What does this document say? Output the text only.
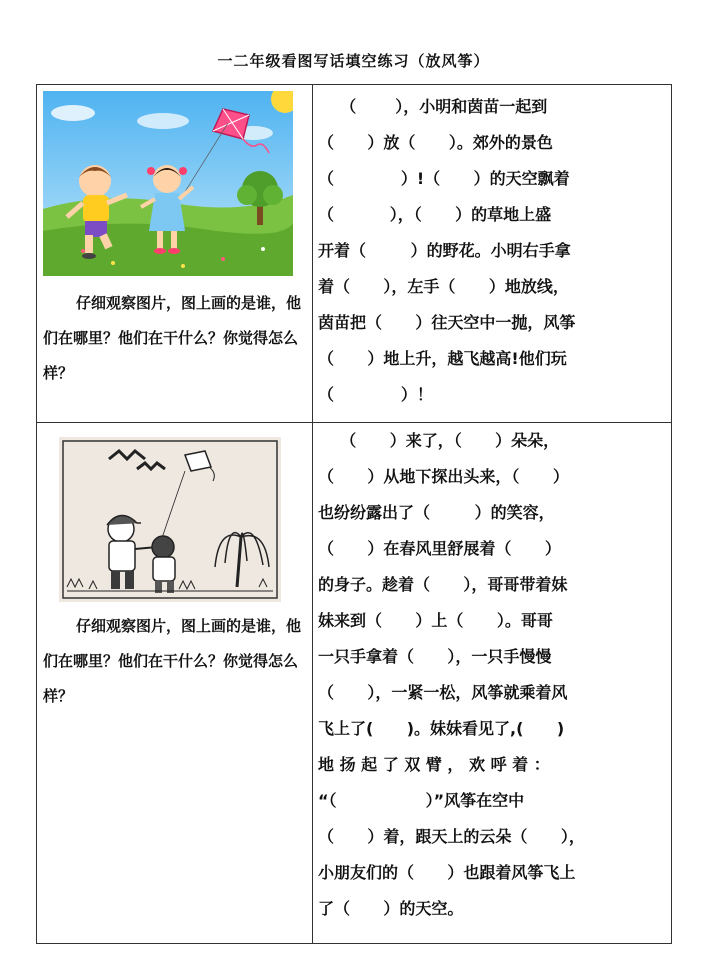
一二年级看图写话填空练习（放风筝）
仔细观察图片，图上画的是谁，他们在哪里？他们在干什么？你觉得怎么样？
仔细观察图片，图上画的是谁，他们在哪里？他们在干什么？你觉得怎么样？
（       ），小明和茵苗一起到
（      ）放（      ）。郊外的景色
（            ）!（      ）的天空飘着
（          ），（      ）的草地上盛
开着（        ）的野花。小明右手拿
着（      ），左手（      ）地放线，
茵苗把（      ）往天空中一抛，风筝
（      ）地上升，越飞越高!他们玩
（            ）！
（      ）来了，（      ）朵朵，
（      ）从地下探出头来，（      ）
也纷纷露出了（        ）的笑容，
（      ）在春风里舒展着（      ）
的身子。趁着（      ），哥哥带着妹
妹来到（      ）上（      ）。哥哥
一只手拿着（      ），一只手慢慢
（      ），一紧一松，风筝就乘着风
飞上了(      )。妹妹看见了,(      )
地 扬 起 了 双 臂 ， 欢 呼 着 ：
“（                ）”风筝在空中
（      ）着，跟天上的云朵（      ），
小朋友们的（      ）也跟着风筝飞上
了（      ）的天空。
